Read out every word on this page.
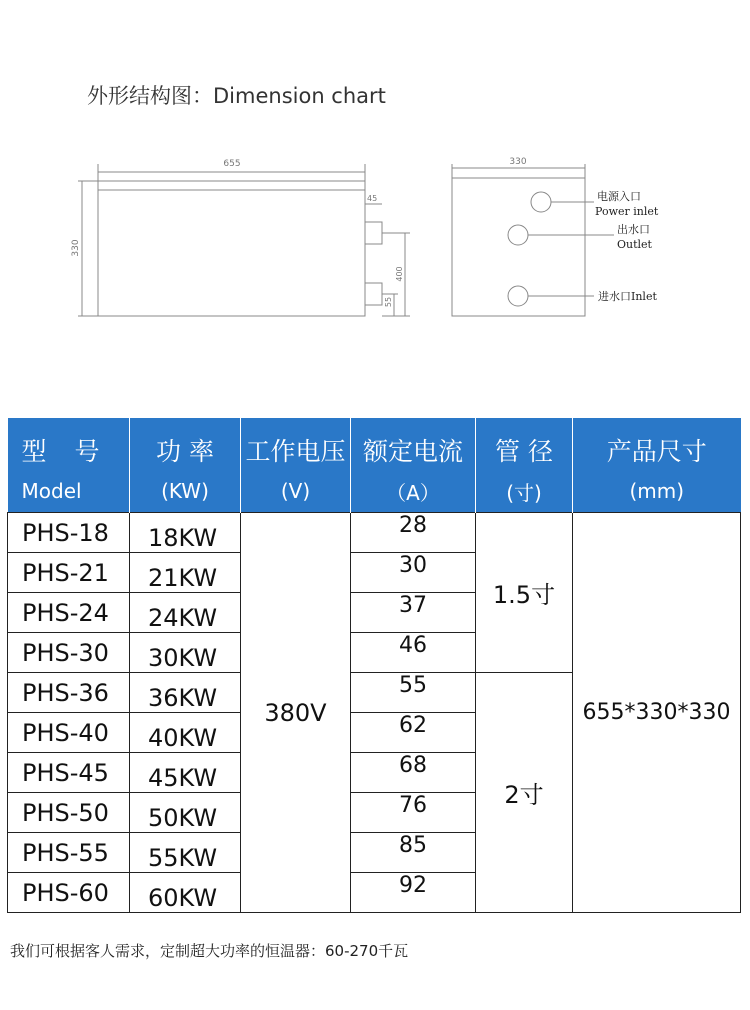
外形结构图：Dimension chart
655
330
45
400
55
330
电源入口
Power inlet
出水口
Outlet
进水口Inlet
型 号	功 率	工作电压	额定电流	管 径	产品尺寸
Model	(KW)	(V)	（A）	(寸)	(mm)
PHS-18	18KW	380V	28	1.5寸	655*330*330
PHS-21	21KW		30		
PHS-24	24KW		37		
PHS-30	30KW		46		
PHS-36	36KW		55	2寸	
PHS-40	40KW		62		
PHS-45	45KW		68		
PHS-50	50KW		76		
PHS-55	55KW		85		
PHS-60	60KW		92		
我们可根据客人需求，定制超大功率的恒温器：60-270千瓦
